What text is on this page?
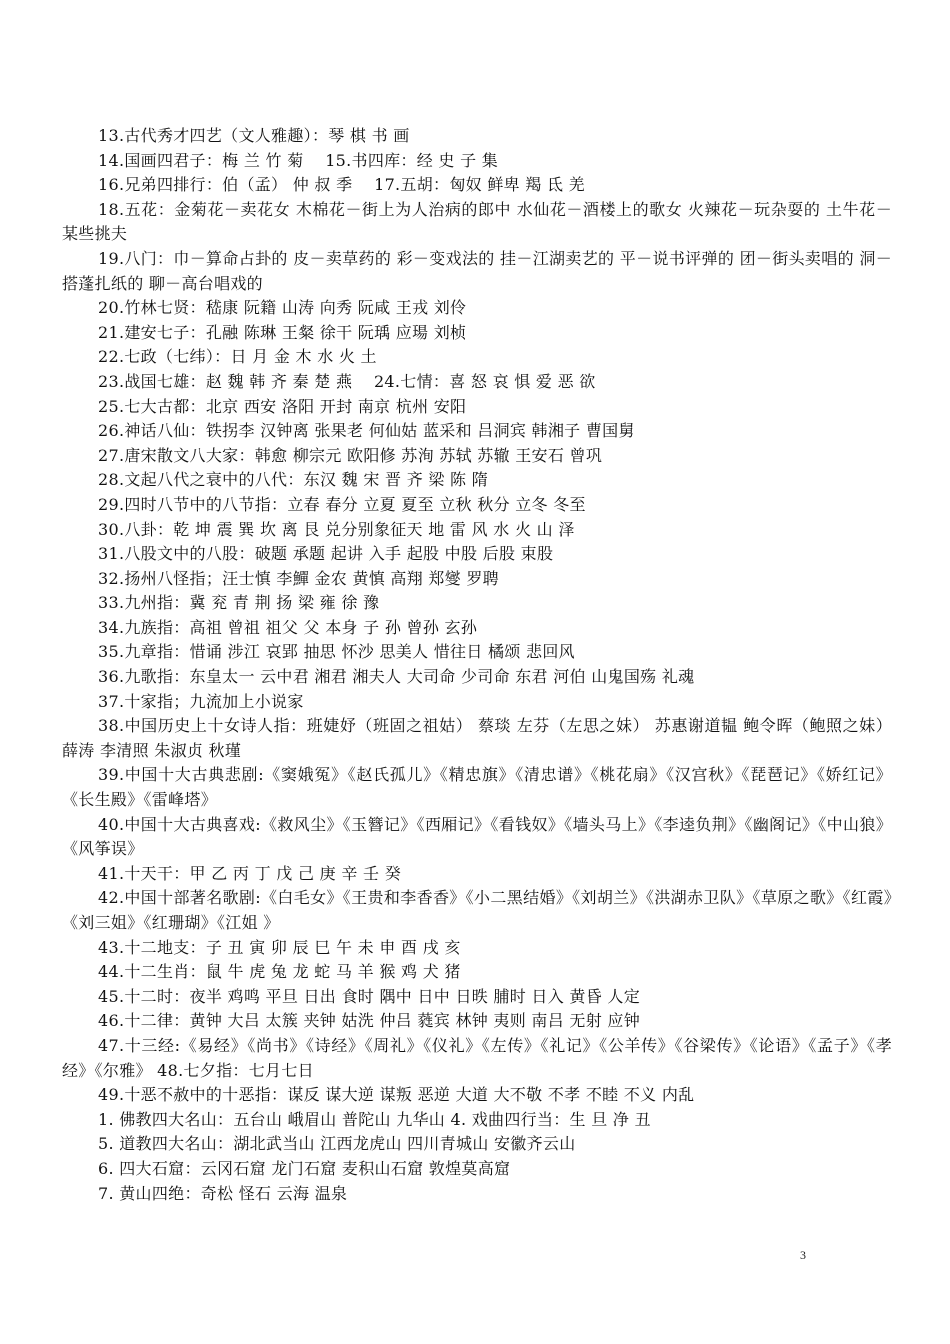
13.古代秀才四艺（文人雅趣）：琴 棋 书 画

14.国画四君子：梅 兰 竹 菊　 15.书四库：经 史 子 集

16.兄弟四排行：伯（孟） 仲 叔 季　 17.五胡：匈奴 鲜卑 羯 氐 羌

18.五花：金菊花－卖花女 木棉花－街上为人治病的郎中 水仙花－酒楼上的歌女 火辣花－玩杂耍的 土牛花－某些挑夫

19.八门：巾－算命占卦的 皮－卖草药的 彩－变戏法的 挂－江湖卖艺的 平－说书评弹的 团－街头卖唱的 洞－搭蓬扎纸的 聊－高台唱戏的

20.竹林七贤：嵇康 阮籍 山涛 向秀 阮咸 王戎 刘伶

21.建安七子：孔融 陈琳 王粲 徐干 阮瑀 应瑒 刘桢

22.七政（七纬）：日 月 金 木 水 火 土

23.战国七雄：赵 魏 韩 齐 秦 楚 燕　 24.七情：喜 怒 哀 惧 爱 恶 欲

25.七大古都：北京 西安 洛阳 开封 南京 杭州 安阳

26.神话八仙：铁拐李 汉钟离 张果老 何仙姑 蓝采和 吕洞宾 韩湘子 曹国舅

27.唐宋散文八大家：韩愈 柳宗元 欧阳修 苏洵 苏轼 苏辙 王安石 曾巩

28.文起八代之衰中的八代：东汉 魏 宋 晋 齐 梁 陈 隋

29.四时八节中的八节指：立春 春分 立夏 夏至 立秋 秋分 立冬 冬至

30.八卦：乾 坤 震 巽 坎 离 艮 兑分别象征天 地 雷 风 水 火 山 泽

31.八股文中的八股：破题 承题 起讲 入手 起股 中股 后股 束股

32.扬州八怪指；汪士慎 李鱓 金农 黄慎 高翔 郑燮 罗聘

33.九州指：冀 兖 青 荆 扬 梁 雍 徐 豫

34.九族指：高祖 曾祖 祖父 父 本身 子 孙 曾孙 玄孙

35.九章指：惜诵 涉江 哀郢 抽思 怀沙 思美人 惜往日 橘颂 悲回风

36.九歌指：东皇太一 云中君 湘君 湘夫人 大司命 少司命 东君 河伯 山鬼国殇 礼魂

37.十家指；九流加上小说家

38.中国历史上十女诗人指：班婕妤（班固之祖姑） 蔡琰 左芬（左思之妹） 苏惠谢道韫 鲍令晖（鲍照之妹） 薛涛 李清照 朱淑贞 秋瑾

39.中国十大古典悲剧:《窦娥冤》《赵氏孤儿》《精忠旗》《清忠谱》《桃花扇》《汉宫秋》《琵琶记》《娇红记》《长生殿》《雷峰塔》

40.中国十大古典喜戏:《救风尘》《玉簪记》《西厢记》《看钱奴》《墙头马上》《李逵负荆》《幽阁记》《中山狼》《风筝误》

41.十天干：甲 乙 丙 丁 戊 己 庚 辛 壬 癸

42.中国十部著名歌剧:《白毛女》《王贵和李香香》《小二黑结婚》《刘胡兰》《洪湖赤卫队》《草原之歌》《红霞》《刘三姐》《红珊瑚》《江姐 》

43.十二地支：子 丑 寅 卯 辰 巳 午 未 申 酉 戌 亥

44.十二生肖：鼠 牛 虎 兔 龙 蛇 马 羊 猴 鸡 犬 猪

45.十二时：夜半 鸡鸣 平旦 日出 食时 隅中 日中 日昳 脯时 日入 黄昏 人定

46.十二律：黄钟 大吕 太簇 夹钟 姑洗 仲吕 蕤宾 林钟 夷则 南吕 无射 应钟

47.十三经:《易经》《尚书》《诗经》《周礼》《仪礼》《左传》《礼记》《公羊传》《谷梁传》《论语》《孟子》《孝经》《尔雅》 48.七夕指：七月七日

49.十恶不赦中的十恶指：谋反 谋大逆 谋叛 恶逆 大道 大不敬 不孝 不睦 不义 内乱

1. 佛教四大名山：五台山 峨眉山 普陀山 九华山 4. 戏曲四行当：生 旦 净 丑

5. 道教四大名山：湖北武当山 江西龙虎山 四川青城山 安徽齐云山

6. 四大石窟：云冈石窟 龙门石窟 麦积山石窟 敦煌莫高窟

7. 黄山四绝：奇松 怪石 云海 温泉

3
